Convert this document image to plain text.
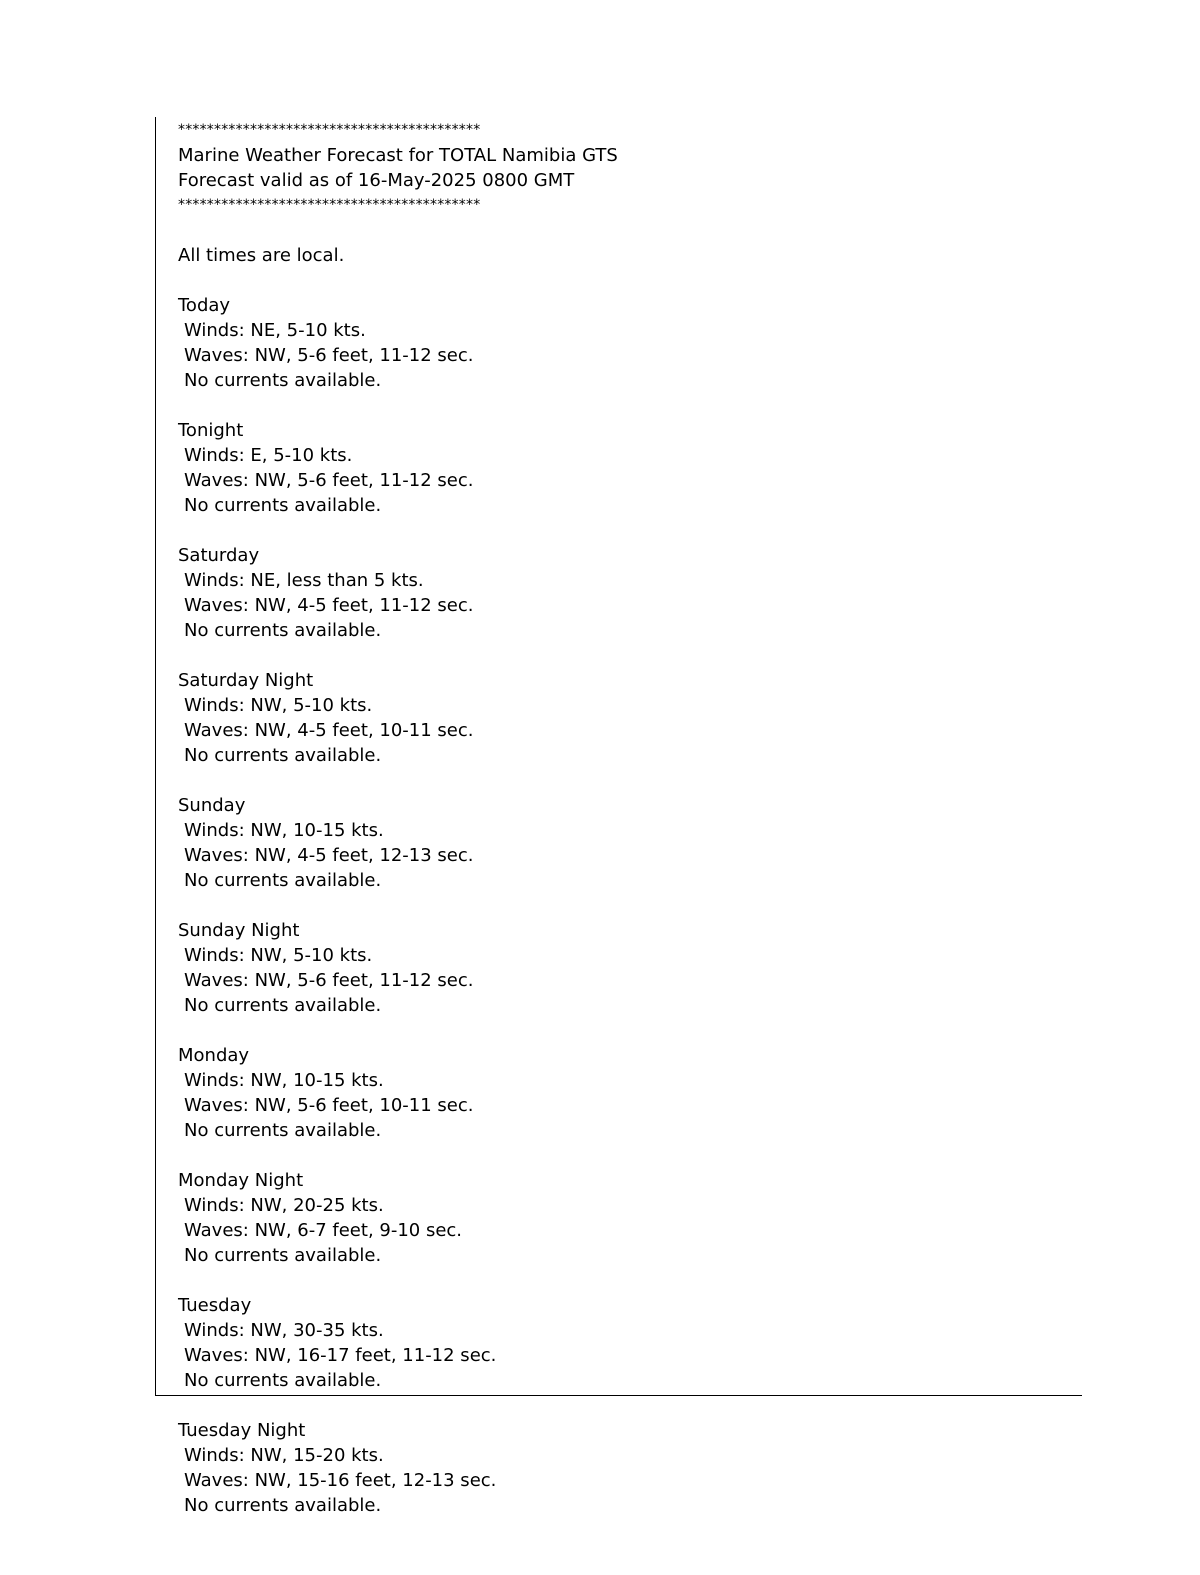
******************************************
Marine Weather Forecast for TOTAL Namibia GTS
Forecast valid as of 16-May-2025 0800 GMT
******************************************
All times are local.
Today
Winds: NE, 5-10 kts.
Waves: NW, 5-6 feet, 11-12 sec.
No currents available.
Tonight
Winds: E, 5-10 kts.
Waves: NW, 5-6 feet, 11-12 sec.
No currents available.
Saturday
Winds: NE, less than 5 kts.
Waves: NW, 4-5 feet, 11-12 sec.
No currents available.
Saturday Night
Winds: NW, 5-10 kts.
Waves: NW, 4-5 feet, 10-11 sec.
No currents available.
Sunday
Winds: NW, 10-15 kts.
Waves: NW, 4-5 feet, 12-13 sec.
No currents available.
Sunday Night
Winds: NW, 5-10 kts.
Waves: NW, 5-6 feet, 11-12 sec.
No currents available.
Monday
Winds: NW, 10-15 kts.
Waves: NW, 5-6 feet, 10-11 sec.
No currents available.
Monday Night
Winds: NW, 20-25 kts.
Waves: NW, 6-7 feet, 9-10 sec.
No currents available.
Tuesday
Winds: NW, 30-35 kts.
Waves: NW, 16-17 feet, 11-12 sec.
No currents available.
Tuesday Night
Winds: NW, 15-20 kts.
Waves: NW, 15-16 feet, 12-13 sec.
No currents available.
